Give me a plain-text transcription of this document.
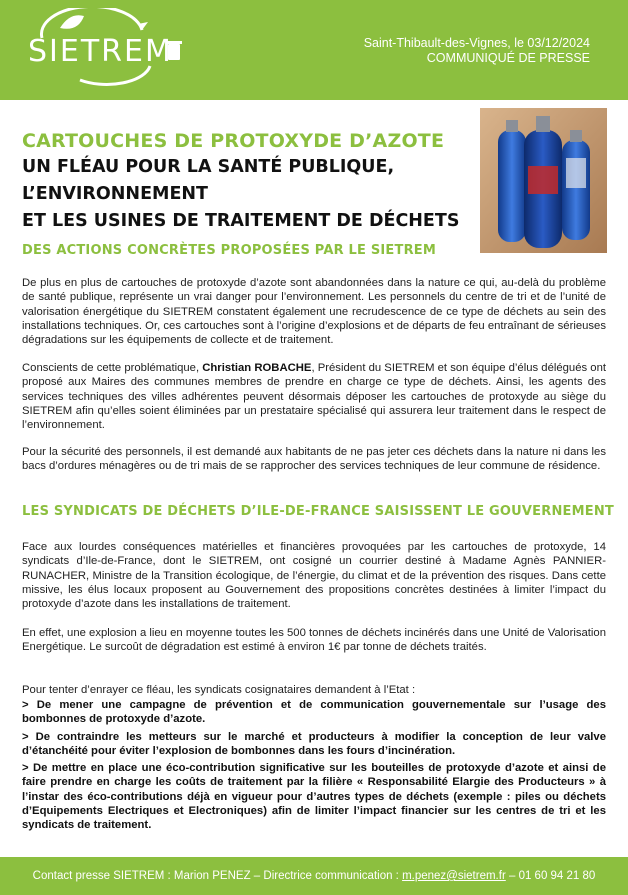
SIETREM	Saint-Thibault-des-Vignes, le 03/12/2024
COMMUNIQUÉ DE PRESSE
CARTOUCHES DE PROTOXYDE D’AZOTE
UN FLÉAU POUR LA SANTÉ PUBLIQUE, L’ENVIRONNEMENT
ET LES USINES DE TRAITEMENT DE DÉCHETS
DES ACTIONS CONCRÈTES PROPOSÉES PAR LE SIETREM
De plus en plus de cartouches de protoxyde d’azote sont abandonnées dans la nature ce qui, au-delà du problème de santé publique, représente un vrai danger pour l’environnement. Les personnels du centre de tri et de l’unité de valorisation énergétique du SIETREM constatent également une recrudescence de ce type de déchets au sein des installations techniques. Or, ces cartouches sont à l’origine d’explosions et de départs de feu entraînant de sérieuses dégradations sur les équipements de collecte et de traitement.
Conscients de cette problématique, Christian ROBACHE, Président du SIETREM et son équipe d’élus délégués ont proposé aux Maires des communes membres de prendre en charge ce type de déchets. Ainsi, les agents des services techniques des villes adhérentes peuvent désormais déposer les cartouches de protoxyde au siège du SIETREM afin qu’elles soient éliminées par un prestataire spécialisé qui assurera leur traitement dans le respect de l’environnement.
Pour la sécurité des personnels, il est demandé aux habitants de ne pas jeter ces déchets dans la nature ni dans les bacs d’ordures ménagères ou de tri mais de se rapprocher des services techniques de leur commune de résidence.
LES SYNDICATS DE DÉCHETS D’ILE-DE-FRANCE SAISISSENT LE GOUVERNEMENT
Face aux lourdes conséquences matérielles et financières provoquées par les cartouches de protoxyde, 14 syndicats d’Ile-de-France, dont le SIETREM, ont cosigné un courrier destiné à Madame Agnès PANNIER-RUNACHER, Ministre de la Transition écologique, de l’énergie, du climat et de la prévention des risques. Dans cette missive, les élus locaux proposent au Gouvernement des propositions concrètes destinées à limiter l’impact du protoxyde d’azote dans les installations de traitement.
En effet, une explosion a lieu en moyenne toutes les 500 tonnes de déchets incinérés dans une Unité de Valorisation Energétique. Le surcoût de dégradation est estimé à environ 1€ par tonne de déchets traités.
Pour tenter d’enrayer ce fléau, les syndicats cosignataires demandent à l’Etat :

> De mener une campagne de prévention et de communication gouvernementale sur l’usage des bombonnes de protoxyde d’azote.

> De contraindre les metteurs sur le marché et producteurs à modifier la conception de leur valve d’étanchéité pour éviter l’explosion de bombonnes dans les fours d’incinération.

> De mettre en place une éco-contribution significative sur les bouteilles de protoxyde d’azote et ainsi de faire prendre en charge les coûts de traitement par la filière « Responsabilité Elargie des Producteurs » à l’instar des éco-contributions déjà en vigueur pour d’autres types de déchets (exemple : piles ou déchets d’Equipements Electriques et Electroniques) afin de limiter l’impact financier sur les centres de tri et les syndicats de traitement.

Contact presse SIETREM : Marion PENEZ – Directrice communication : m.penez@sietrem.fr – 01 60 94 21 80
